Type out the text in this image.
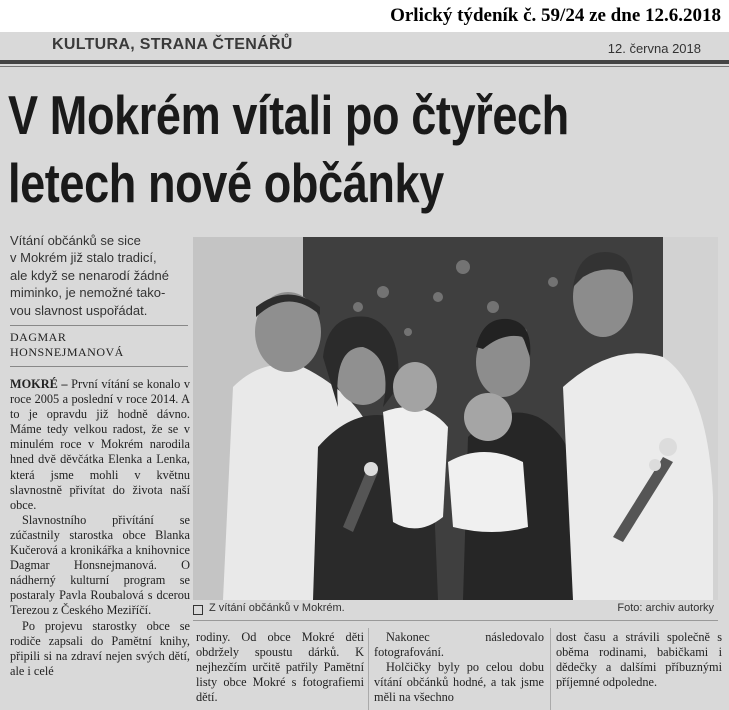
KULTURA, STRANA ČTENÁŘŮ	12. června 2018
V Mokrém vítali po čtyřech
letech nové občánky
Vítání občánků se sice
v Mokrém již stalo tradicí,
ale když se nenarodí žádné
miminko, je nemožné tako-
vou slavnost uspořádat.
DAGMAR
HONSNEJMANOVÁ

MOKRÉ – První vítání se konalo v roce 2005 a poslední v roce 2014. A to je opravdu již hodně dávno. Máme tedy velkou radost, že se v minulém roce v Mokrém narodila hned dvě děvčátka Elenka a Lenka, která jsme mohli v květnu slavnostně přivítat do života naší obce.

Slavnostního přivítání se zúčastnily starostka obce Blanka Kučerová a kronikářka a knihovnice Dagmar Honsnejmanová. O nádherný kulturní program se postaraly Pavla Roubalová s dcerou Terezou z Českého Meziříčí.

Po projevu starostky obce se rodiče zapsali do Pamětní knihy, připili si na zdraví nejen svých dětí, ale i celé

Z vítání občánků v Mokrém.	Foto: archiv autorky

rodiny. Od obce Mokré děti obdržely spoustu dárků. K nejhezčím určitě patřily Pamětní listy obce Mokré s fotografiemi dětí.

Nakonec následovalo fotografování.

Holčičky byly po celou dobu vítání občánků hodné, a tak jsme měli na všechno

dost času a strávili společně s oběma rodinami, babičkami i dědečky a dalšími příbuznými příjemné odpoledne.

Orlický týdeník č. 59/24 ze dne 12.6.2018
